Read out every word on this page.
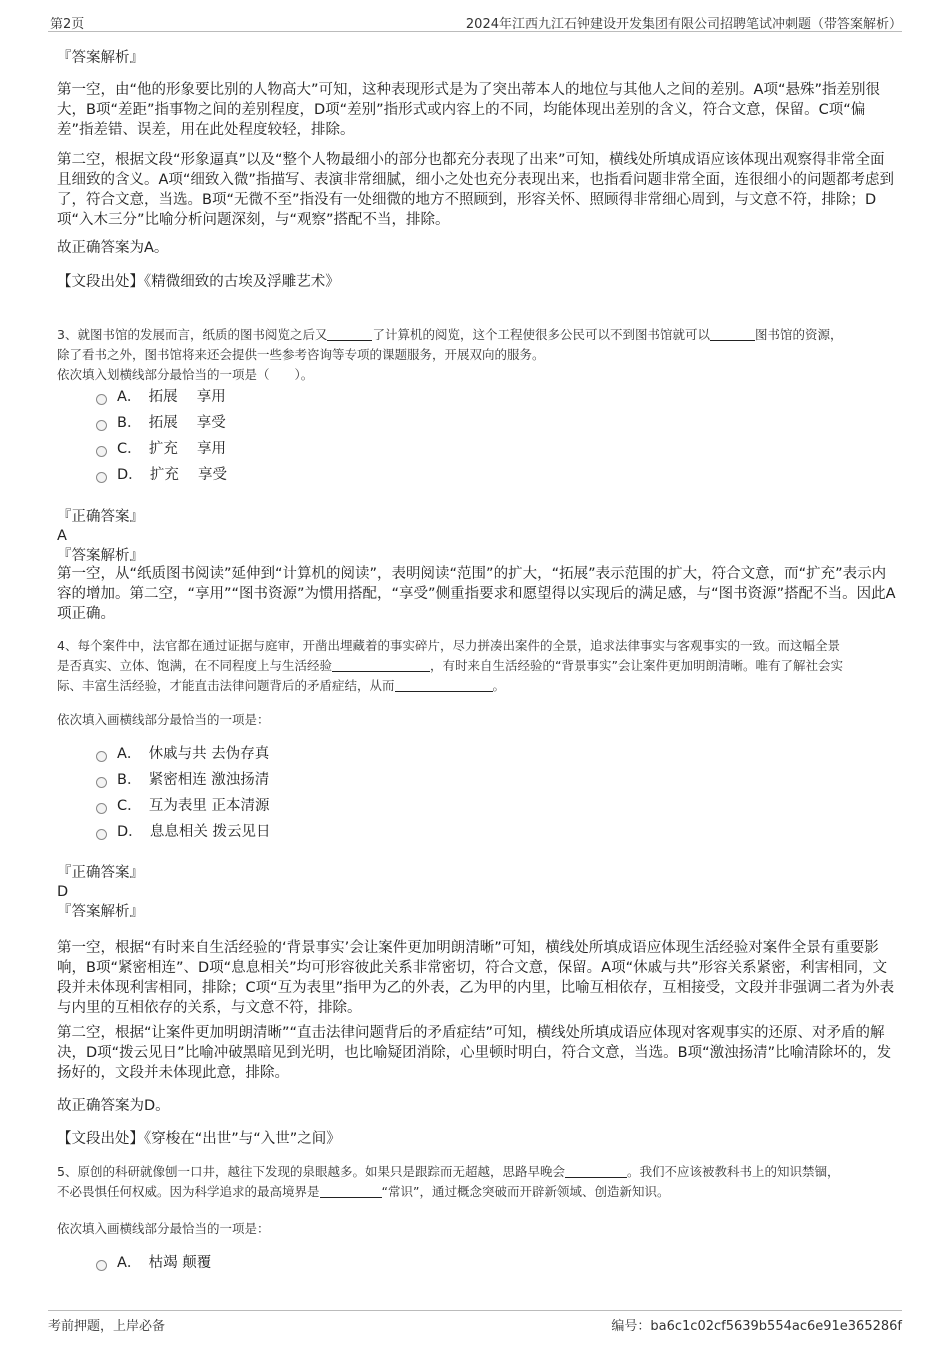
第2页	2024年江西九江石钟建设开发集团有限公司招聘笔试冲刺题（带答案解析）
『答案解析』

第一空，由“他的形象要比别的人物高大”可知，这种表现形式是为了突出蒂本人的地位与其他人之间的差别。A项“悬殊”指差别很大，B项“差距”指事物之间的差别程度，D项“差别”指形式或内容上的不同，均能体现出差别的含义，符合文意，保留。C项“偏差”指差错、误差，用在此处程度较轻，排除。

第二空，根据文段“形象逼真”以及“整个人物最细小的部分也都充分表现了出来”可知，横线处所填成语应该体现出观察得非常全面且细致的含义。A项“细致入微”指描写、表演非常细腻，细小之处也充分表现出来，也指看问题非常全面，连很细小的问题都考虑到了，符合文意，当选。B项“无微不至”指没有一处细微的地方不照顾到，形容关怀、照顾得非常细心周到，与文意不符，排除；D项“入木三分”比喻分析问题深刻，与“观察”搭配不当，排除。

故正确答案为A。
【文段出处】《精微细致的古埃及浮雕艺术》
3、就图书馆的发展而言，纸质的图书阅览之后又	了计算机的阅览，这个工程使很多公民可以不到图书馆就可以	图书馆的资源，
除了看书之外，图书馆将来还会提供一些参考咨询等专项的课题服务，开展双向的服务。
依次填入划横线部分最恰当的一项是（　　）。
A．　 拓展　 享用
B．　 拓展　 享受
C．　 扩充　 享用
D．　 扩充　 享受
『正确答案』
A
『答案解析』

第一空，从“纸质图书阅读”延伸到“计算机的阅读”，表明阅读“范围”的扩大，“拓展”表示范围的扩大，符合文意，而“扩充”表示内容的增加。第二空，“享用”“图书资源”为惯用搭配，“享受”侧重指要求和愿望得以实现后的满足感，与“图书资源”搭配不当。因此A项正确。

4、每个案件中，法官都在通过证据与庭审，开凿出埋藏着的事实碎片，尽力拼凑出案件的全景，追求法律事实与客观事实的一致。而这幅全景
是否真实、立体、饱满，在不同程度上与生活经验	，有时来自生活经验的“背景事实”会让案件更加明朗清晰。唯有了解社会实
际、丰富生活经验，才能直击法律问题背后的矛盾症结，从而	。
依次填入画横线部分最恰当的一项是：
A．　 休戚与共 去伪存真
B．　 紧密相连 激浊扬清
C．　 互为表里 正本清源
D．　 息息相关 拨云见日
『正确答案』
D
『答案解析』

第一空，根据“有时来自生活经验的‘背景事实’会让案件更加明朗清晰”可知，横线处所填成语应体现生活经验对案件全景有重要影响，B项“紧密相连”、D项“息息相关”均可形容彼此关系非常密切，符合文意，保留。A项“休戚与共”形容关系紧密，利害相同，文段并未体现利害相同，排除；C项“互为表里”指甲为乙的外表，乙为甲的内里，比喻互相依存，互相接受，文段并非强调二者为外表与内里的互相依存的关系，与文意不符，排除。

第二空，根据“让案件更加明朗清晰”“直击法律问题背后的矛盾症结”可知，横线处所填成语应体现对客观事实的还原、对矛盾的解决，D项“拨云见日”比喻冲破黑暗见到光明，也比喻疑团消除，心里顿时明白，符合文意，当选。B项“激浊扬清”比喻清除坏的，发扬好的，文段并未体现此意，排除。

故正确答案为D。
【文段出处】《穿梭在“出世”与“入世”之间》
5、原创的科研就像刨一口井，越往下发现的泉眼越多。如果只是跟踪而无超越，思路早晚会	。我们不应该被教科书上的知识禁锢，
不必畏惧任何权威。因为科学追求的最高境界是	“常识”，通过概念突破而开辟新领域、创造新知识。
依次填入画横线部分最恰当的一项是：
A．　 枯竭 颠覆
考前押题，上岸必备	编号：ba6c1c02cf5639b554ac6e91e365286f
